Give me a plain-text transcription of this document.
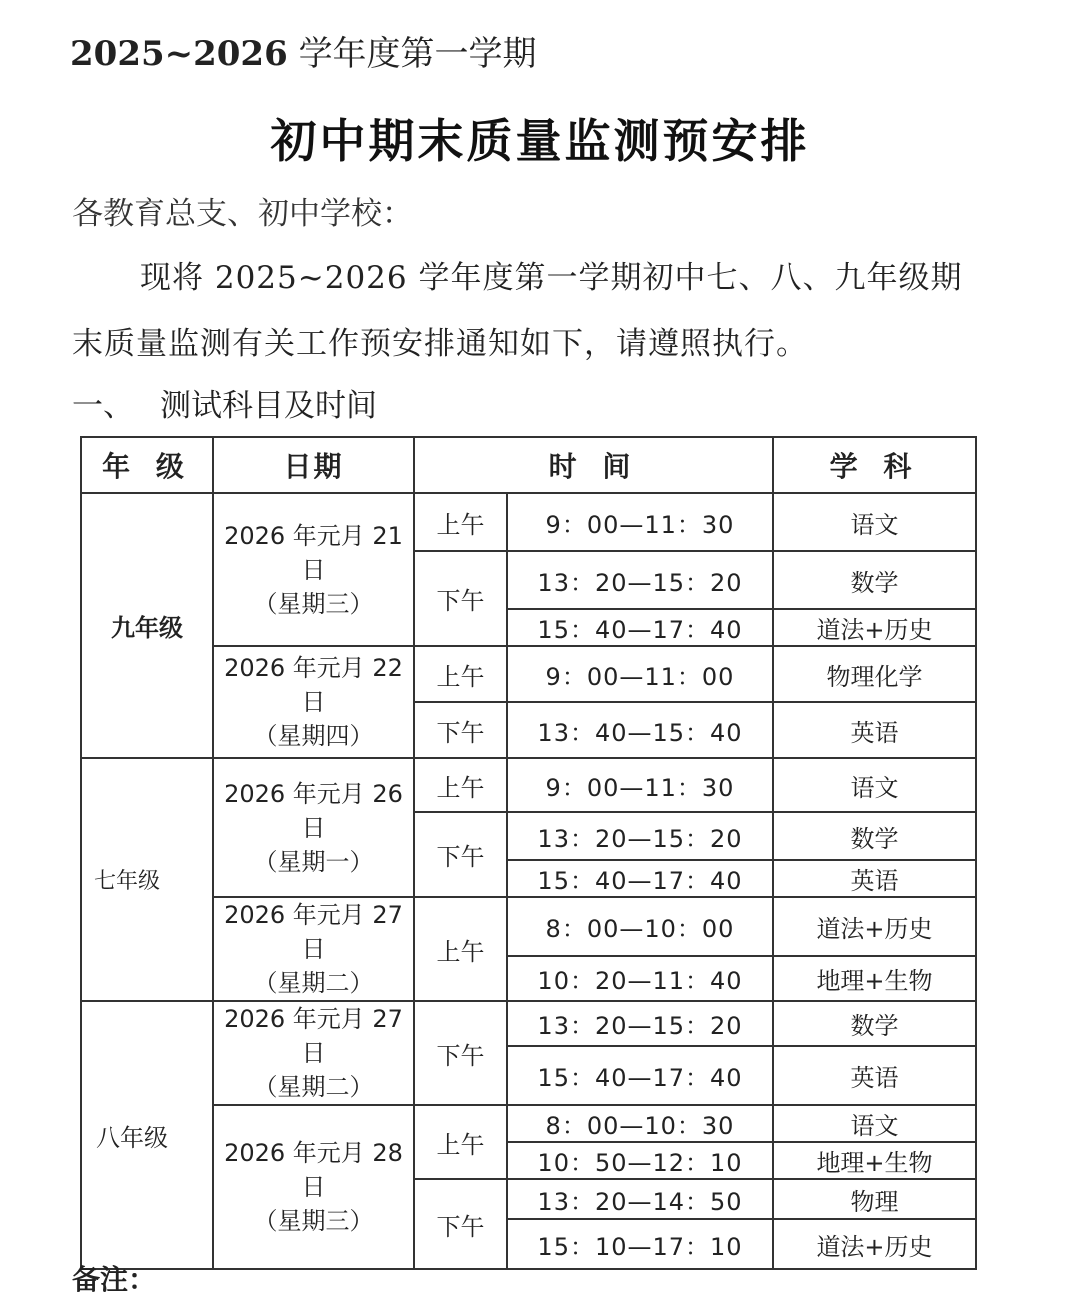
2025~2026 学年度第一学期
初中期末质量监测预安排
各教育总支、初中学校：
现将 2025~2026 学年度第一学期初中七、八、九年级期
末质量监测有关工作预安排通知如下，请遵照执行。
一、 测试科目及时间
年 级	日期	时 间		学 科
九年级	2026 年元月 21 日
（星期三）	上午	9：00—11：30	语文
		下午	13：20—15：20	数学
			15：40—17：40	道法+历史
	2026 年元月 22 日
（星期四）	上午	9：00—11：00	物理化学
		下午	13：40—15：40	英语
七年级	2026 年元月 26 日
（星期一）	上午	9：00—11：30	语文
		下午	13：20—15：20	数学
			15：40—17：40	英语
	2026 年元月 27 日
（星期二）	上午	8：00—10：00	道法+历史
			10：20—11：40	地理+生物
八年级	2026 年元月 27 日
（星期二）	下午	13：20—15：20	数学
			15：40—17：40	英语
	2026 年元月 28 日
（星期三）	上午	8：00—10：30	语文
			10：50—12：10	地理+生物
		下午	13：20—14：50	物理
			15：10—17：10	道法+历史
备注：
